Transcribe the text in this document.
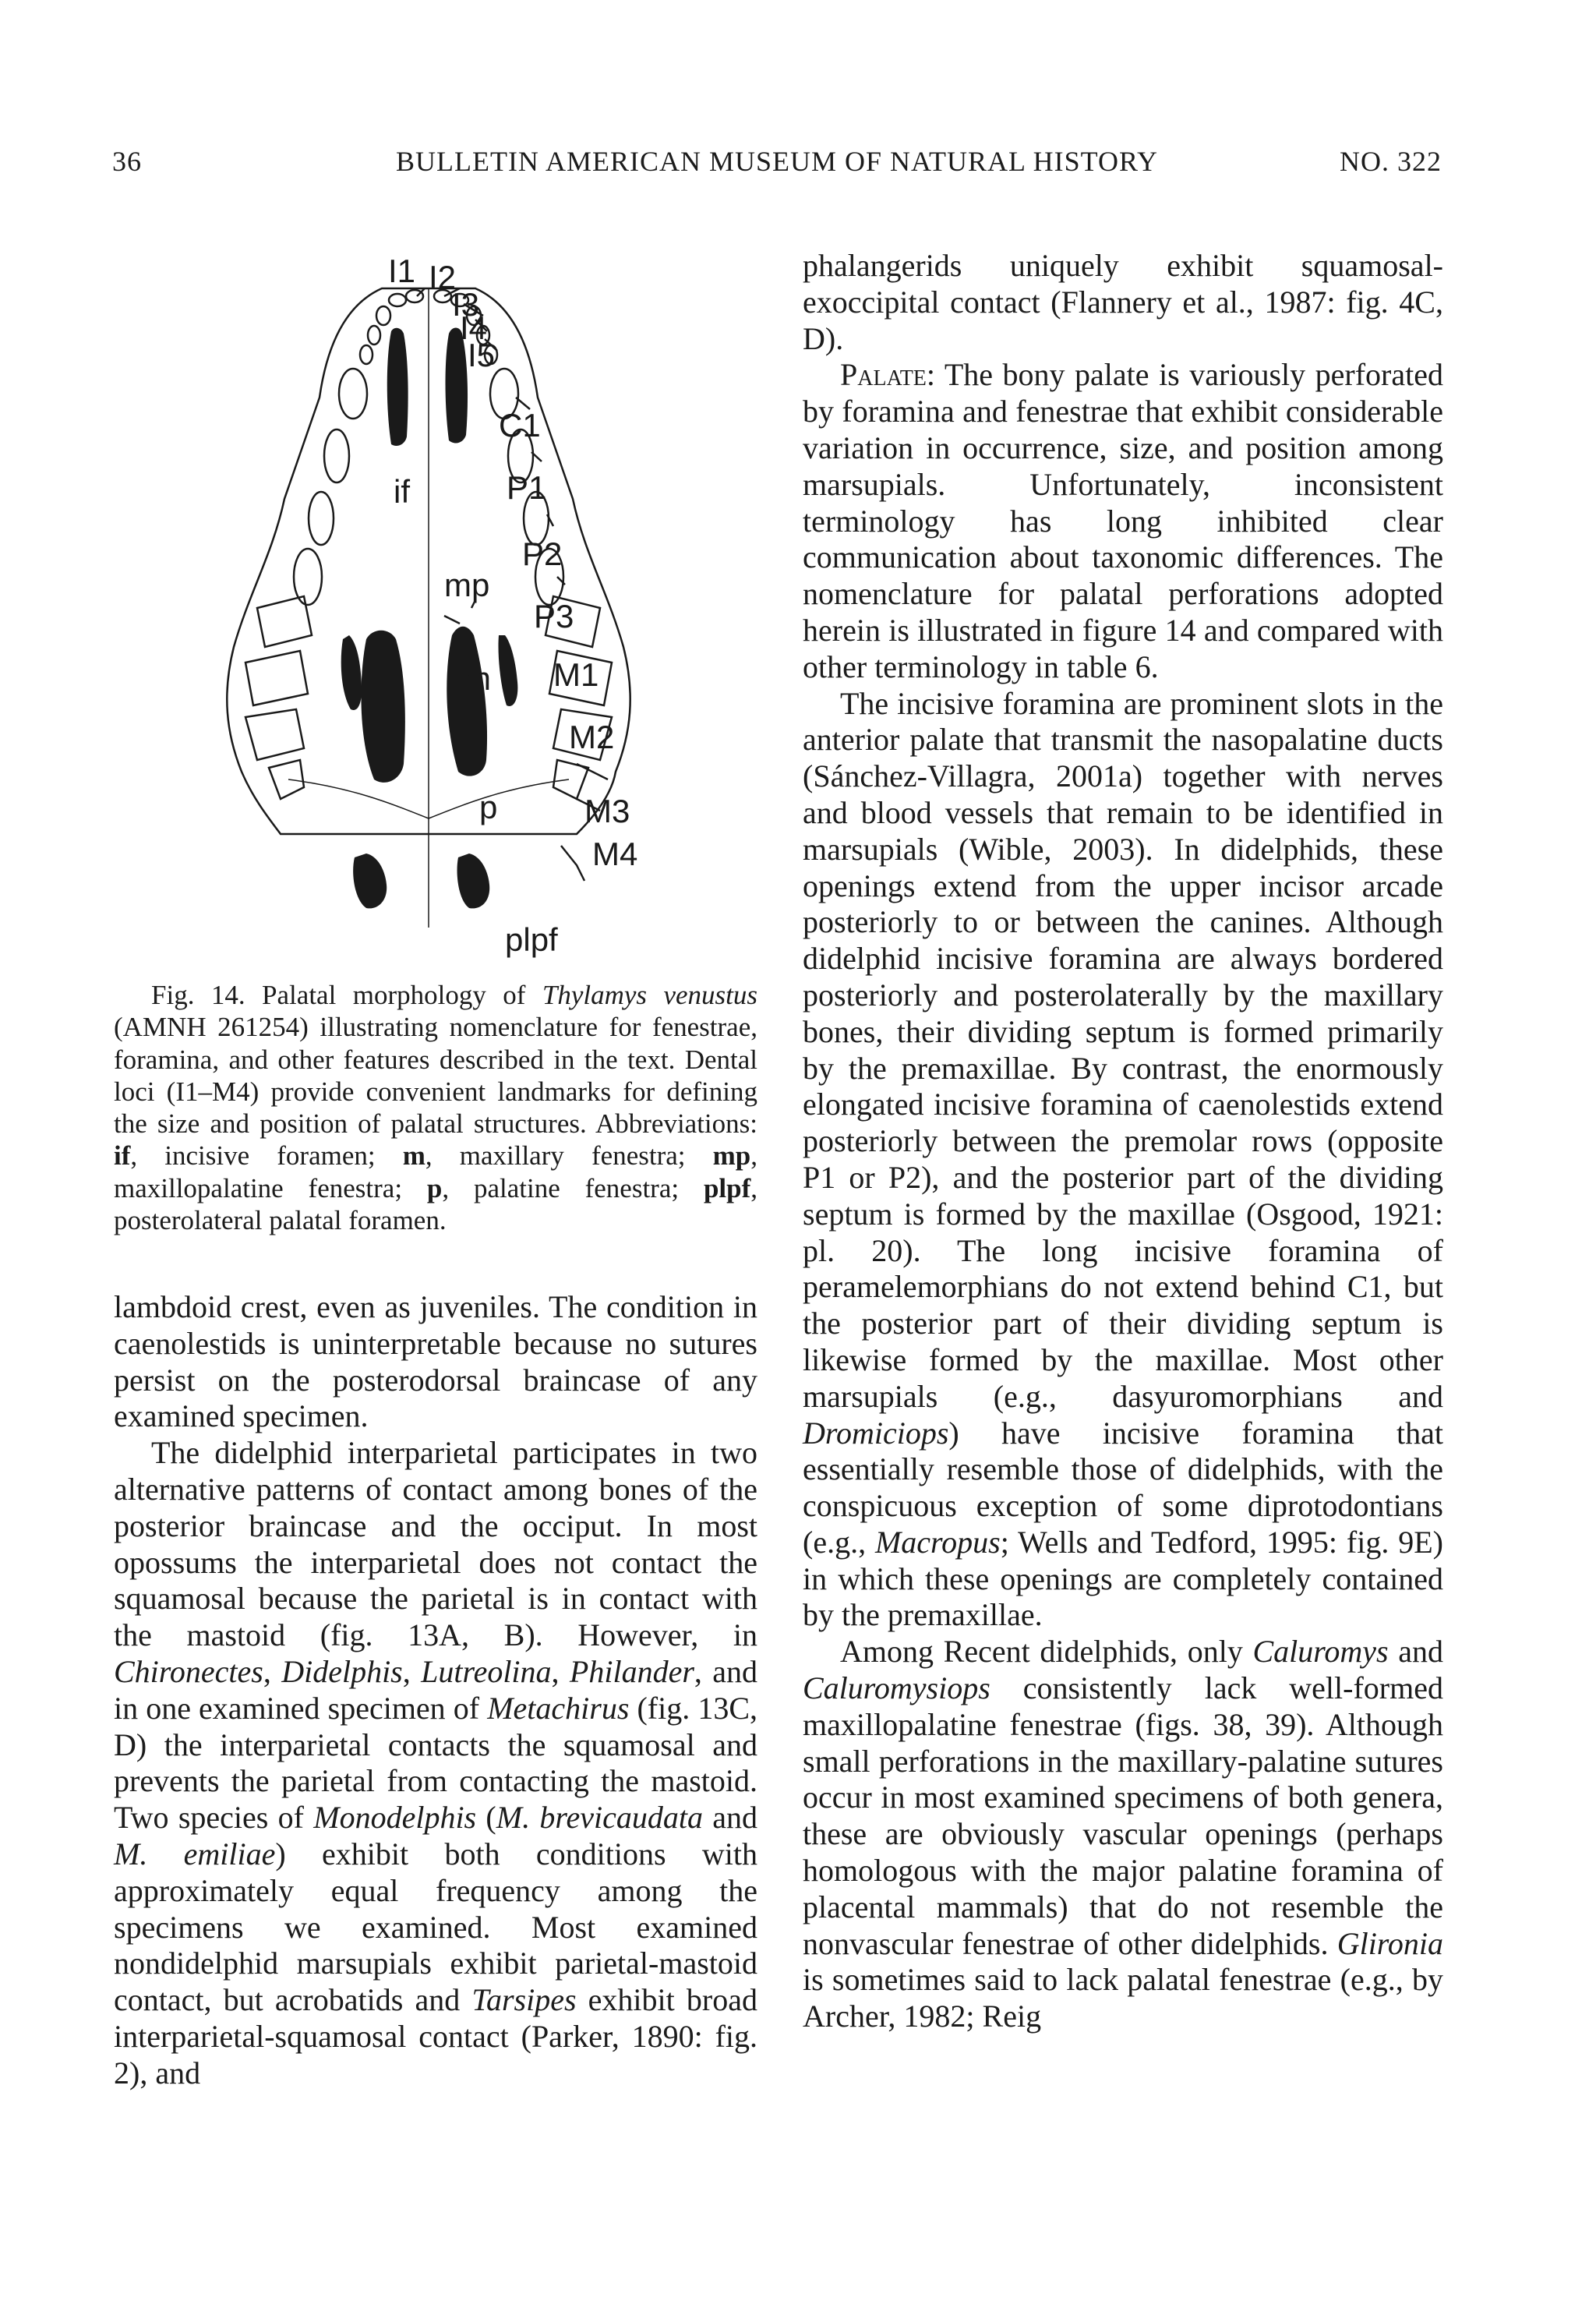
36	BULLETIN AMERICAN MUSEUM OF NATURAL HISTORY	NO. 322
I1 I2
I3
I4
I5
C1
P1
P2
P3
M1
M2
M3
M4
if
mp
m
p
plpf

Fig. 14. Palatal morphology of Thylamys venustus (AMNH 261254) illustrating nomenclature for fenestrae, foramina, and other features described in the text. Dental loci (I1–M4) provide convenient landmarks for defining the size and position of palatal structures. Abbreviations: if, incisive foramen; m, maxillary fenestra; mp, maxillopalatine fenestra; p, palatine fenestra; plpf, posterolateral palatal foramen.

lambdoid crest, even as juveniles. The condition in caenolestids is uninterpretable because no sutures persist on the posterodorsal braincase of any examined specimen.

The didelphid interparietal participates in two alternative patterns of contact among bones of the posterior braincase and the occiput. In most opossums the interparietal does not contact the squamosal because the parietal is in contact with the mastoid (fig. 13A, B). However, in Chironectes, Didelphis, Lutreolina, Philander, and in one examined specimen of Metachirus (fig. 13C, D) the interparietal contacts the squamosal and prevents the parietal from contacting the mastoid. Two species of Monodelphis (M. brevicaudata and M. emiliae) exhibit both conditions with approximately equal frequency among the specimens we examined. Most examined nondidelphid marsupials exhibit parietal-mastoid contact, but acrobatids and Tarsipes exhibit broad interparietal-squamosal contact (Parker, 1890: fig. 2), and

phalangerids uniquely exhibit squamosal-exoccipital contact (Flannery et al., 1987: fig. 4C, D).

Palate: The bony palate is variously perforated by foramina and fenestrae that exhibit considerable variation in occurrence, size, and position among marsupials. Unfortunately, inconsistent terminology has long inhibited clear communication about taxonomic differences. The nomenclature for palatal perforations adopted herein is illustrated in figure 14 and compared with other terminology in table 6.

The incisive foramina are prominent slots in the anterior palate that transmit the nasopalatine ducts (Sánchez-Villagra, 2001a) together with nerves and blood vessels that remain to be identified in marsupials (Wible, 2003). In didelphids, these openings extend from the upper incisor arcade posteriorly to or between the canines. Although didelphid incisive foramina are always bordered posteriorly and posterolaterally by the maxillary bones, their dividing septum is formed primarily by the premaxillae. By contrast, the enormously elongated incisive foramina of caenolestids extend posteriorly between the premolar rows (opposite P1 or P2), and the posterior part of the dividing septum is formed by the maxillae (Osgood, 1921: pl. 20). The long incisive foramina of peramelemorphians do not extend behind C1, but the posterior part of their dividing septum is likewise formed by the maxillae. Most other marsupials (e.g., dasyuromorphians and Dromiciops) have incisive foramina that essentially resemble those of didelphids, with the conspicuous exception of some diprotodontians (e.g., Macropus; Wells and Tedford, 1995: fig. 9E) in which these openings are completely contained by the premaxillae.

Among Recent didelphids, only Caluromys and Caluromysiops consistently lack well-formed maxillopalatine fenestrae (figs. 38, 39). Although small perforations in the maxillary-palatine sutures occur in most examined specimens of both genera, these are obviously vascular openings (perhaps homologous with the major palatine foramina of placental mammals) that do not resemble the nonvascular fenestrae of other didelphids. Glironia is sometimes said to lack palatal fenestrae (e.g., by Archer, 1982; Reig
